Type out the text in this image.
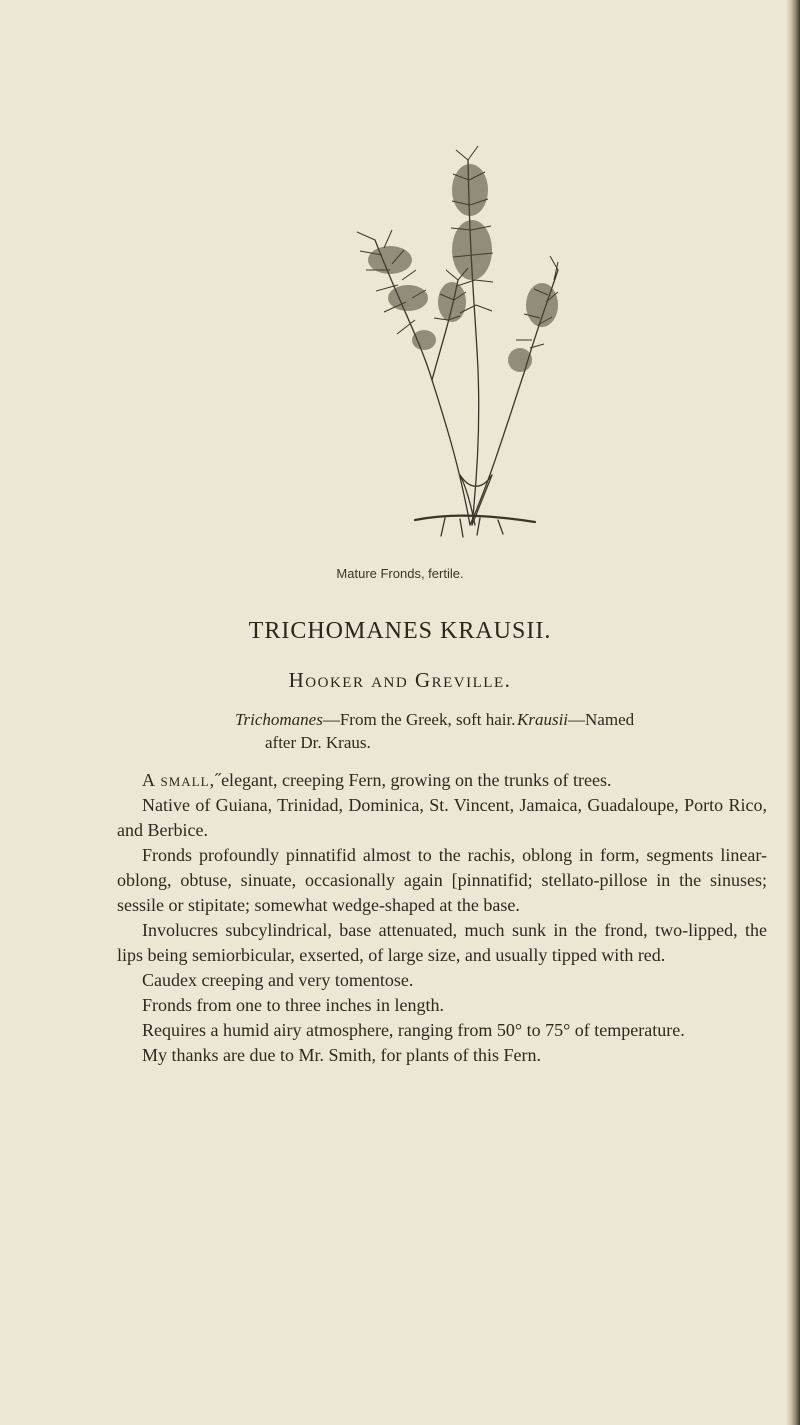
Mature Fronds, fertile.
TRICHOMANES KRAUSII.
Hooker and Greville.
Trichomanes—From the Greek, soft hair. Krausii—Named
after Dr. Kraus.

A small,˝elegant, creeping Fern, growing on the trunks of trees.

Native of Guiana, Trinidad, Dominica, St. Vincent, Jamaica, Guadaloupe, Porto Rico, and Berbice.

Fronds profoundly pinnatifid almost to the rachis, oblong in form, segments linear-oblong, obtuse, sinuate, occasionally again [pinnatifid; stellato-pillose in the sinuses; sessile or stipitate; somewhat wedge-shaped at the base.

Involucres subcylindrical, base attenuated, much sunk in the frond, two-lipped, the lips being semiorbicular, exserted, of large size, and usually tipped with red.

Caudex creeping and very tomentose.

Fronds from one to three inches in length.

Requires a humid airy atmosphere, ranging from 50° to 75° of temperature.

My thanks are due to Mr. Smith, for plants of this Fern.
